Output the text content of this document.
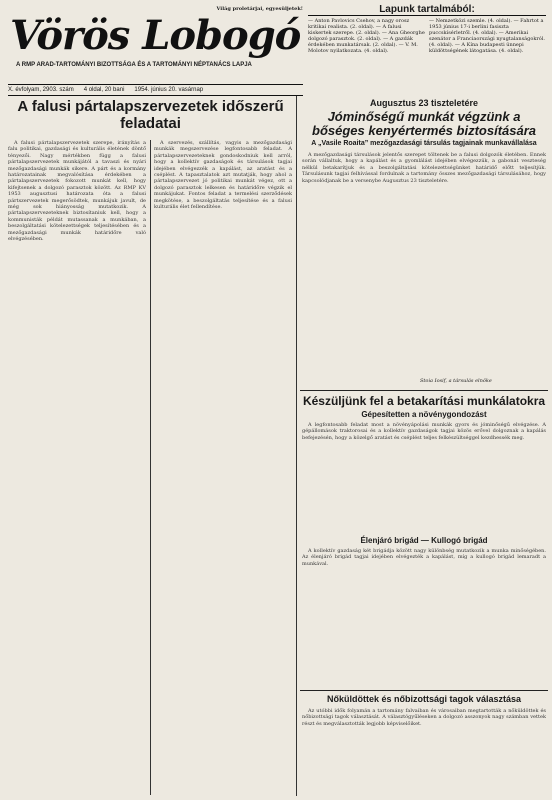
Világ proletárjai, egyesüljetek!
Vörös Lobogó
A RMP ARAD-TARTOMÁNYI BIZOTTSÁGA ÉS A TARTOMÁNYI NÉPTANÁCS LAPJA
X. évfolyam, 2903. szám 4 oldal, 20 bani 1954. június 20. vasárnap
Lapunk tartalmából:
— Anton Pavlovics Csehov, a nagy orosz kritikai realista. (2. oldal). — A falusi kiskertek szerepe. (2. oldal). — Ana Gheorghe dolgozó parasztok. (2. oldal). — A gazdák érdekében munkatársak. (2. oldal). — V. M. Molotov nyilatkozata. (4. oldal).
— Nemzetközi szemle. (4. oldal). — Fahrtot a 1953 június 17-i berlini fasiszta puccskísérletről. (4. oldal). — Amerikai szenátor a Franciaországi nyugtalanságokról. (4. oldal). — A Kína budapesti ünnepi küldöttségének látogatása. (4. oldal).
A falusi pártalapszervezetek időszerű feladatai

A falusi pártalapszervezetek szerepe, irányítás a falu politikai, gazdasági és kulturális életének döntő tényezői. Nagy mértékben függ a falusi pártalapszervezetek munkájától a tavaszi és nyári mezőgazdasági munkák sikere. A párt és a kormány határozatainak megvalósítása érdekében a pártalapszervezetek fokozott munkát kell, hogy kifejtsenek a dolgozó parasztok között. Az RMP KV 1953 augusztusi határozata óta a falusi pártszervezetek megerősödtek, munkájuk javult, de még sok hiányosság mutatkozik. A pártalapszervezeteknek biztosítaniuk kell, hogy a kommunisták példát mutassanak a munkában, a beszolgáltatási kötelezettségek teljesítésében és a mezőgazdasági munkák határidőre való elvégzésében.

A szervezés, szállítás, vagyis a mezőgazdasági munkák megszervezése legfontosabb feladat. A pártalapszervezeteknek gondoskodniuk kell arról, hogy a kollektív gazdaságok és társulások tagjai idejében elvégezzék a kapálást, az aratást és a cséplést. A tapasztalatok azt mutatják, hogy ahol a pártalapszervezet jó politikai munkát végez, ott a dolgozó parasztok lelkesen és határidőre végzik el munkájukat. Fontos feladat a termelési szerződések megkötése, a beszolgáltatás teljesítése és a falusi kulturális élet fellendítése.

Augusztus 23 tiszteletére
Jóminőségű munkát végzünk a bőséges kenyértermés biztosítására
A „Vasile Roaita” mezőgazdasági társulás tagjainak munkavállalása

A mezőgazdasági társulások jelentős szerepet töltenek be a falusi dolgozók életében. Ennek során vállaltuk, hogy a kapálást és a gyomlálást idejében elvégezzük, a gabonát veszteség nélkül betakarítjuk és a beszolgáltatási kötelezettségünket határidő előtt teljesítjük. Társulásunk tagjai felhívással fordulnak a tartomány összes mezőgazdasági társulásához, hogy kapcsolódjanak be a versenybe Augusztus 23 tiszteletére.

Stoia Iosif, a társulás elnöke
Készüljünk fel a betakarítási munkálatokra
Gépesítetten a növénygondozást

A legfontosabb feladat most a növényápolási munkák gyors és jóminőségű elvégzése. A gépállomások traktorosai és a kollektív gazdaságok tagjai közös erővel dolgoznak a kapálás befejezésén, hogy a közelgő aratást és cséplést teljes felkészültséggel kezdhessék meg.

Élenjáró brigád — Kullogó brigád

A kollektív gazdaság két brigádja között nagy különbség mutatkozik a munka minőségében. Az élenjáró brigád tagjai idejében elvégezték a kapálást, míg a kullogó brigád lemaradt a munkával.

Nőküldöttek és nőbizottsági tagok választása

Az utóbbi idők folyamán a tartomány falvaiban és városaiban megtartották a nőküldöttek és nőbizottsági tagok választását. A választógyűléseken a dolgozó asszonyok nagy számban vettek részt és megválasztották legjobb képviselőiket.
